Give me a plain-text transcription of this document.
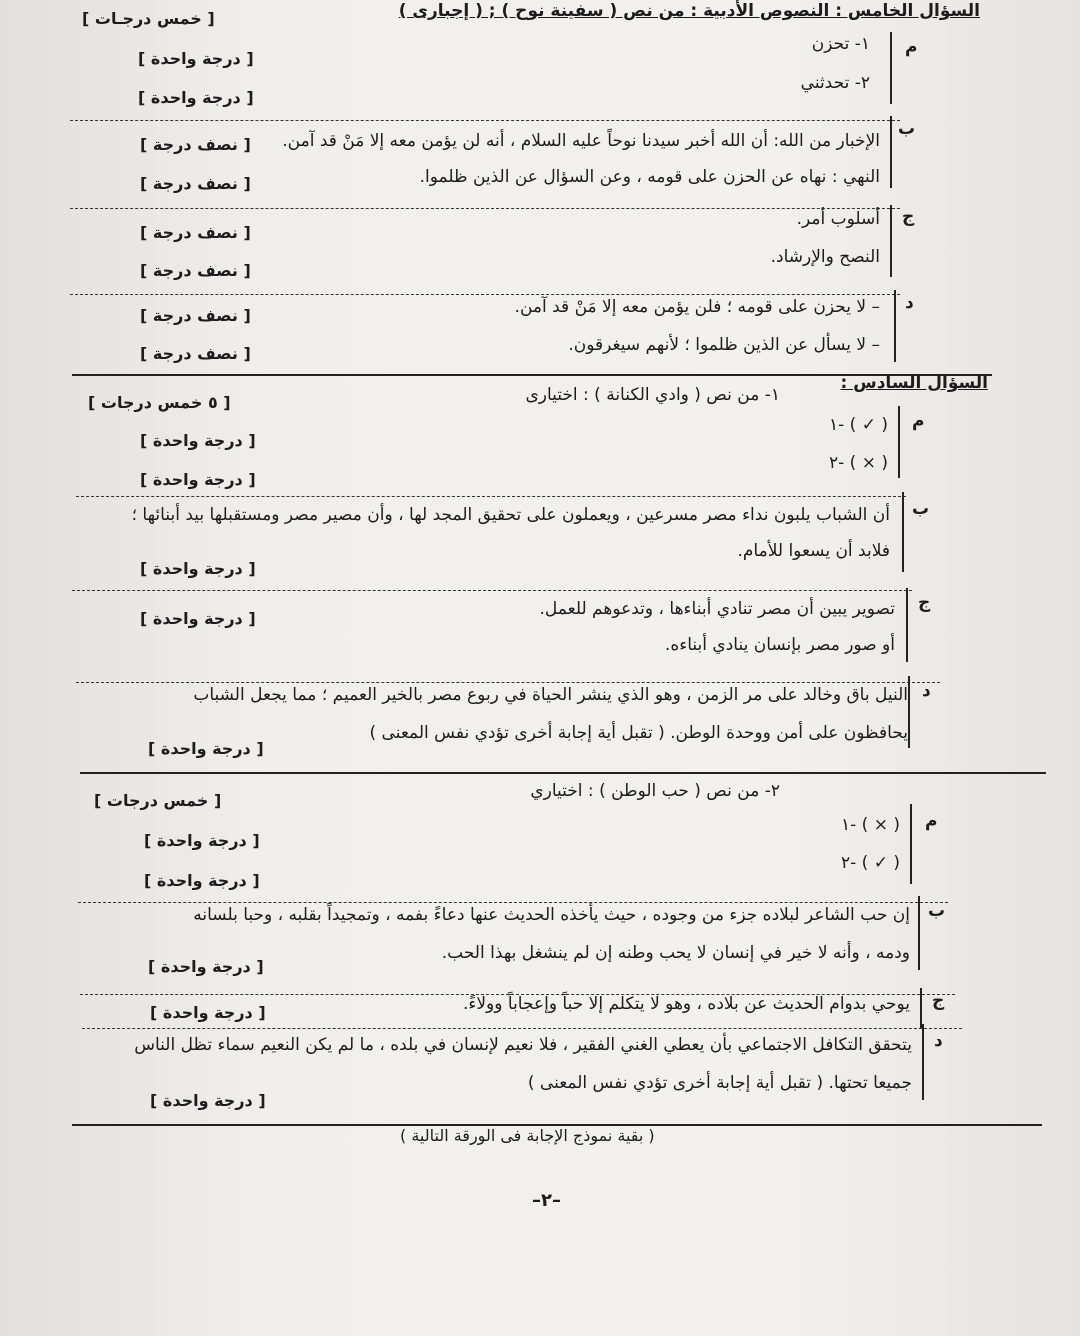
السؤال الخامس : النصوص الأدبية : من نص ( سفينة نوح ) ; ( إجبارى )
[ خمس درجـات ]
م
١- تحزن
٢- تحدثني
[ درجة واحدة ]
[ درجة واحدة ]
ب
الإخبار من الله: أن الله أخبر سيدنا نوحاً عليه السلام ، أنه لن يؤمن معه إلا مَنْ قد آمن.
النهي : نهاه عن الحزن على قومه ، وعن السؤال عن الذين ظلموا.
[ نصف درجة ]
[ نصف درجة ]
ج
أسلوب أمر.
النصح والإرشاد.
[ نصف درجة ]
[ نصف درجة ]
د
– لا يحزن على قومه ؛ فلن يؤمن معه إلا مَنْ قد آمن.
– لا يسأل عن الذين ظلموا ؛ لأنهم سيغرقون.
[ نصف درجة ]
[ نصف درجة ]
السؤال السادس :
١- من نص ( وادي الكنانة ) : اختيارى
[ ٥ خمس درجات ]
م
١- ( ✓ )
٢- ( × )
[ درجة واحدة ]
[ درجة واحدة ]
ب
أن الشباب يلبون نداء مصر مسرعين ، ويعملون على تحقيق المجد لها ، وأن مصير مصر ومستقبلها بيد أبنائها ؛
فلابد أن يسعوا للأمام.
[ درجة واحدة ]
ج
تصوير يبين أن مصر تنادي أبناءها ، وتدعوهم للعمل.
أو صور مصر بإنسان ينادي أبناءه.
[ درجة واحدة ]
د
النيل باق وخالد على مر الزمن ، وهو الذي ينشر الحياة في ربوع مصر بالخير العميم ؛ مما يجعل الشباب
يحافظون على أمن ووحدة الوطن. ( تقبل أية إجابة أخرى تؤدي نفس المعنى )
[ درجة واحدة ]
٢- من نص ( حب الوطن ) : اختياري
[ خمس درجات ]
م
١- ( × )
٢- ( ✓ )
[ درجة واحدة ]
[ درجة واحدة ]
ب
إن حب الشاعر لبلاده جزء من وجوده ، حيث يأخذه الحديث عنها دعاءً بفمه ، وتمجيداً بقلبه ، وحبا بلسانه
ودمه ، وأنه لا خير في إنسان لا يحب وطنه إن لم ينشغل بهذا الحب.
[ درجة واحدة ]
ج
يوحي بدوام الحديث عن بلاده ، وهو لا يتكلم إلا حباً وإعجاباً وولاءً.
[ درجة واحدة ]
د
يتحقق التكافل الاجتماعي بأن يعطي الغني الفقير ، فلا نعيم لإنسان في بلده ، ما لم يكن النعيم سماء تظل الناس
جميعا تحتها. ( تقبل أية إجابة أخرى تؤدي نفس المعنى )
[ درجة واحدة ]
( بقية نموذج الإجابة فى الورقة التالية )
–٢–
